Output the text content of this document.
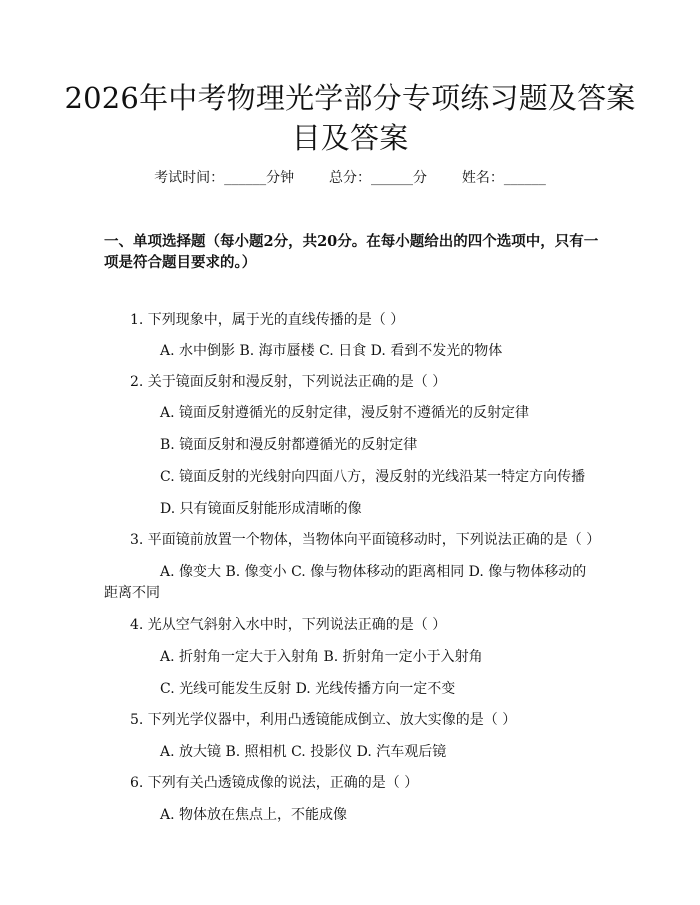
2026年中考物理光学部分专项练习题及答案目及答案
考试时间：______分钟 总分：______分 姓名：______
一、单项选择题（每小题2分，共20分。在每小题给出的四个选项中，只有一项是符合题目要求的。）
1. 下列现象中，属于光的直线传播的是（ ）
A. 水中倒影 B. 海市蜃楼 C. 日食 D. 看到不发光的物体
2. 关于镜面反射和漫反射，下列说法正确的是（ ）
A. 镜面反射遵循光的反射定律，漫反射不遵循光的反射定律
B. 镜面反射和漫反射都遵循光的反射定律
C. 镜面反射的光线射向四面八方，漫反射的光线沿某一特定方向传播
D. 只有镜面反射能形成清晰的像
3. 平面镜前放置一个物体，当物体向平面镜移动时，下列说法正确的是（ ）
A. 像变大 B. 像变小 C. 像与物体移动的距离相同 D. 像与物体移动的距离不同
4. 光从空气斜射入水中时，下列说法正确的是（ ）
A. 折射角一定大于入射角 B. 折射角一定小于入射角
C. 光线可能发生反射 D. 光线传播方向一定不变
5. 下列光学仪器中，利用凸透镜能成倒立、放大实像的是（ ）
A. 放大镜 B. 照相机 C. 投影仪 D. 汽车观后镜
6. 下列有关凸透镜成像的说法，正确的是（ ）
A. 物体放在焦点上，不能成像
